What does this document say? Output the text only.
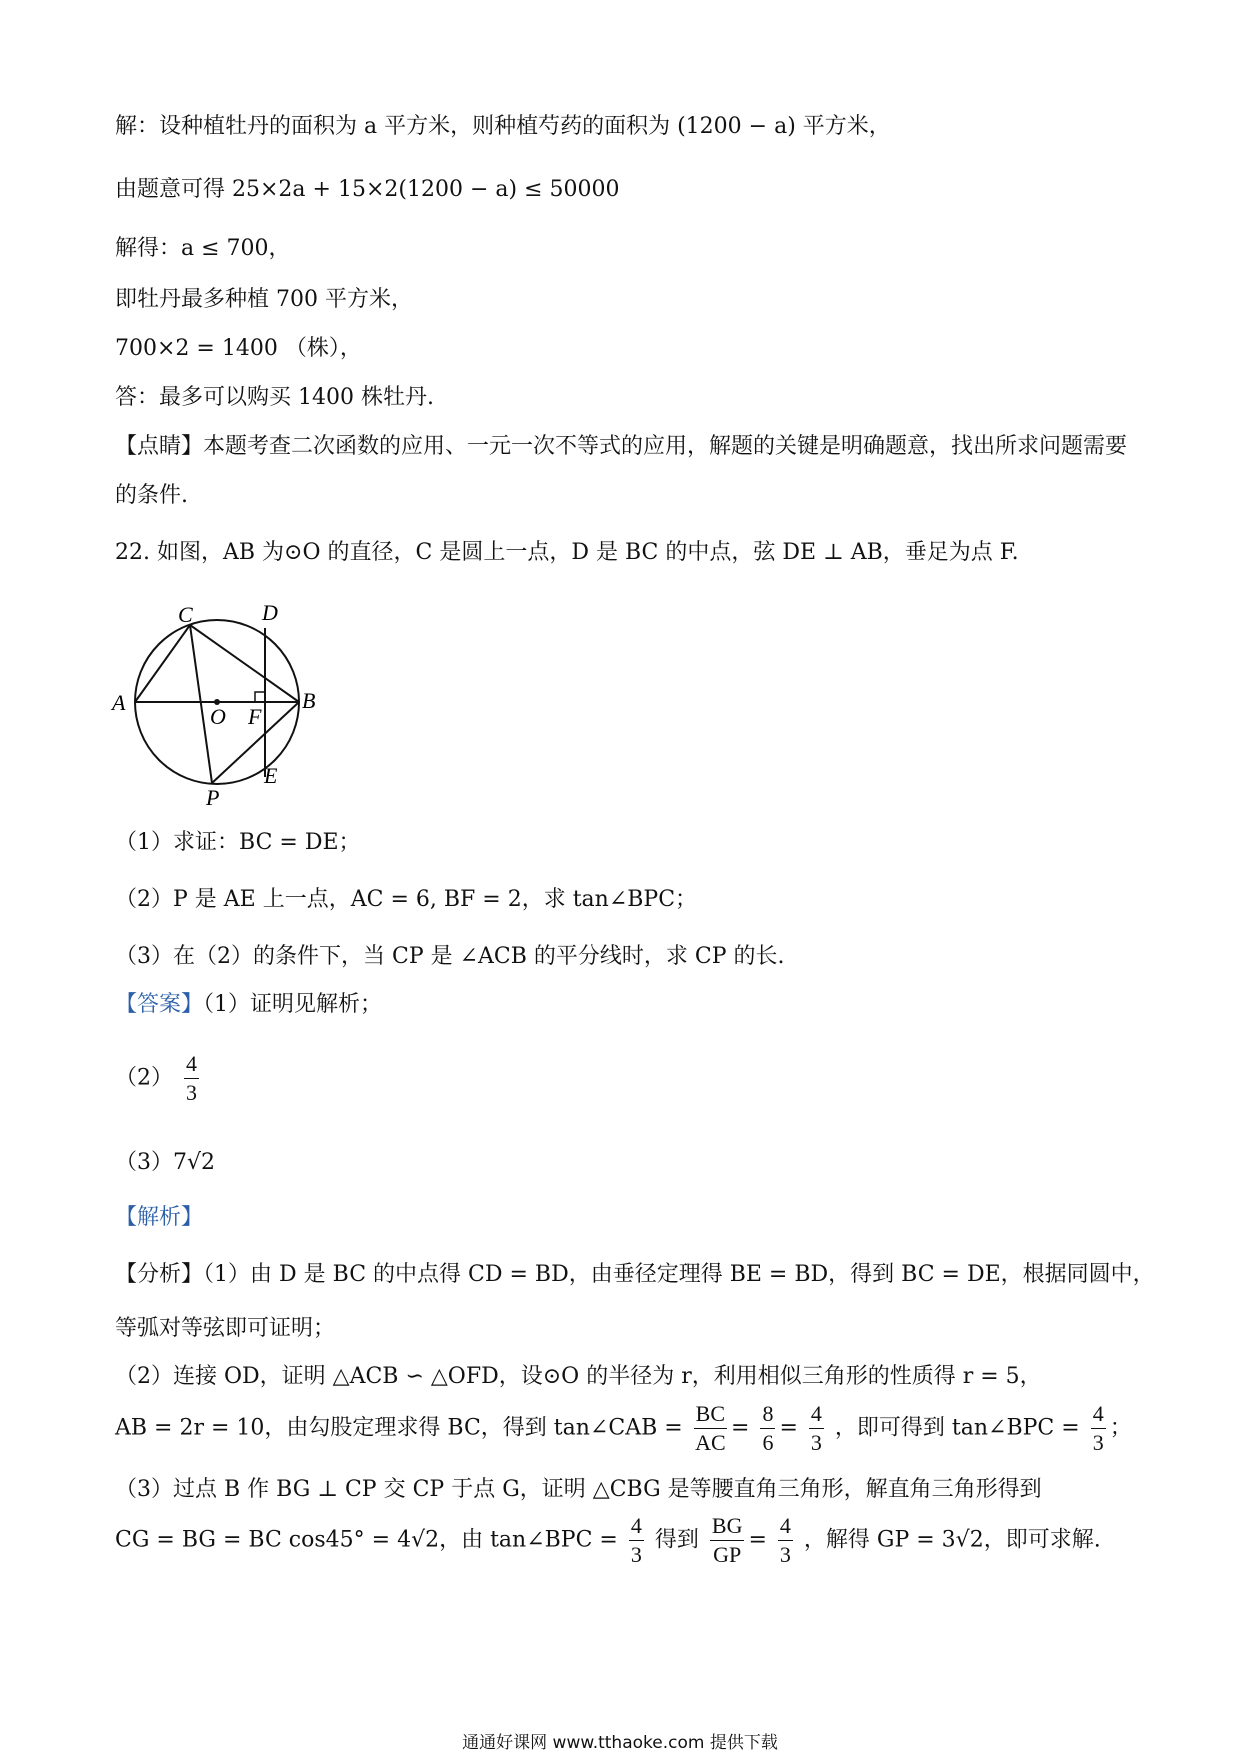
解：设种植牡丹的面积为 a 平方米，则种植芍药的面积为 (1200 − a) 平方米，
由题意可得 25×2a + 15×2(1200 − a) ≤ 50000
解得：a ≤ 700，
即牡丹最多种植 700 平方米，
700×2 = 1400 （株），
答：最多可以购买 1400 株牡丹.
【点睛】本题考查二次函数的应用、一元一次不等式的应用，解题的关键是明确题意，找出所求问题需要
的条件.
22. 如图，AB 为⊙O 的直径，C 是圆上一点，D 是 BC 的中点，弦 DE ⊥ AB，垂足为点 F.
C	D
A	B
O F
E
P
（1）求证：BC = DE；
（2）P 是 AE 上一点，AC = 6, BF = 2，求 tan∠BPC；
（3）在（2）的条件下，当 CP 是 ∠ACB 的平分线时，求 CP 的长.
【答案】（1）证明见解析；
$(2) \frac{4}{3}$
（3）7√2
【解析】
【分析】（1）由 D 是 BC 的中点得 CD = BD，由垂径定理得 BE = BD，得到 BC = DE，根据同圆中，
等弧对等弦即可证明；
（2）连接 OD，证明 △ACB ∽ △OFD，设⊙O 的半径为 r，利用相似三角形的性质得 r = 5，
AB = 2r = 10，由勾股定理求得 BC，得到 tan∠CAB = $\frac{BC}{AC} = \frac{8}{6} = \frac{4}{3}$ ，即可得到 tan∠BPC = $\frac{4}{3}$ ；
（3）过点 B 作 BG ⊥ CP 交 CP 于点 G，证明 △CBG 是等腰直角三角形，解直角三角形得到
CG = BG = BC cos45° = 4√2，由 tan∠BPC = $\frac{4}{3}$ 得到 $\frac{BG}{GP} = \frac{4}{3}$ ，解得 GP = 3√2，即可求解.
通通好课网 www.tthaoke.com 提供下载
